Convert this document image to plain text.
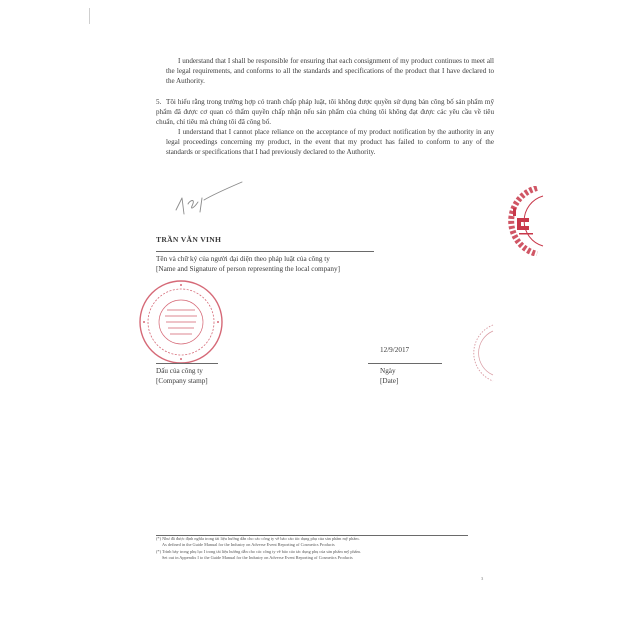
I understand that I shall be responsible for ensuring that each consignment of my product continues to meet all the legal requirements, and conforms to all the standards and specifications of the product that I have declared to the Authority.

5. Tôi hiểu rằng trong trường hợp có tranh chấp pháp luật, tôi không được quyền sử dụng bản công bố sản phẩm mỹ phẩm đã được cơ quan có thẩm quyền chấp nhận nếu sản phẩm của chúng tôi không đạt được các yêu cầu về tiêu chuẩn, chỉ tiêu mà chúng tôi đã công bố.

I understand that I cannot place reliance on the acceptance of my product notification by the authority in any legal proceedings concerning my product, in the event that my product has failed to conform to any of the standards or specifications that I had previously declared to the Authority.

TRẦN VĂN VINH
Tên và chữ ký của người đại diện theo pháp luật của công ty
[Name and Signature of person representing the local company]
12/9/2017
Dấu của công ty
[Company stamp]
Ngày
[Date]
(*) Như đã được định nghĩa trong tài liệu hướng dẫn cho các công ty về báo cáo tác dụng phụ của sản phẩm mỹ phẩm.
As defined in the Guide Manual for the Industry on Adverse Event Reporting of Cosmetics Products
(*) Trình bày trong phụ lục I trong tài liệu hướng dẫn cho các công ty về báo cáo tác dụng phụ của sản phẩm mỹ phẩm.
Set out in Appendix I to the Guide Manual for the Industry on Adverse Event Reporting of Cosmetics Products
3
